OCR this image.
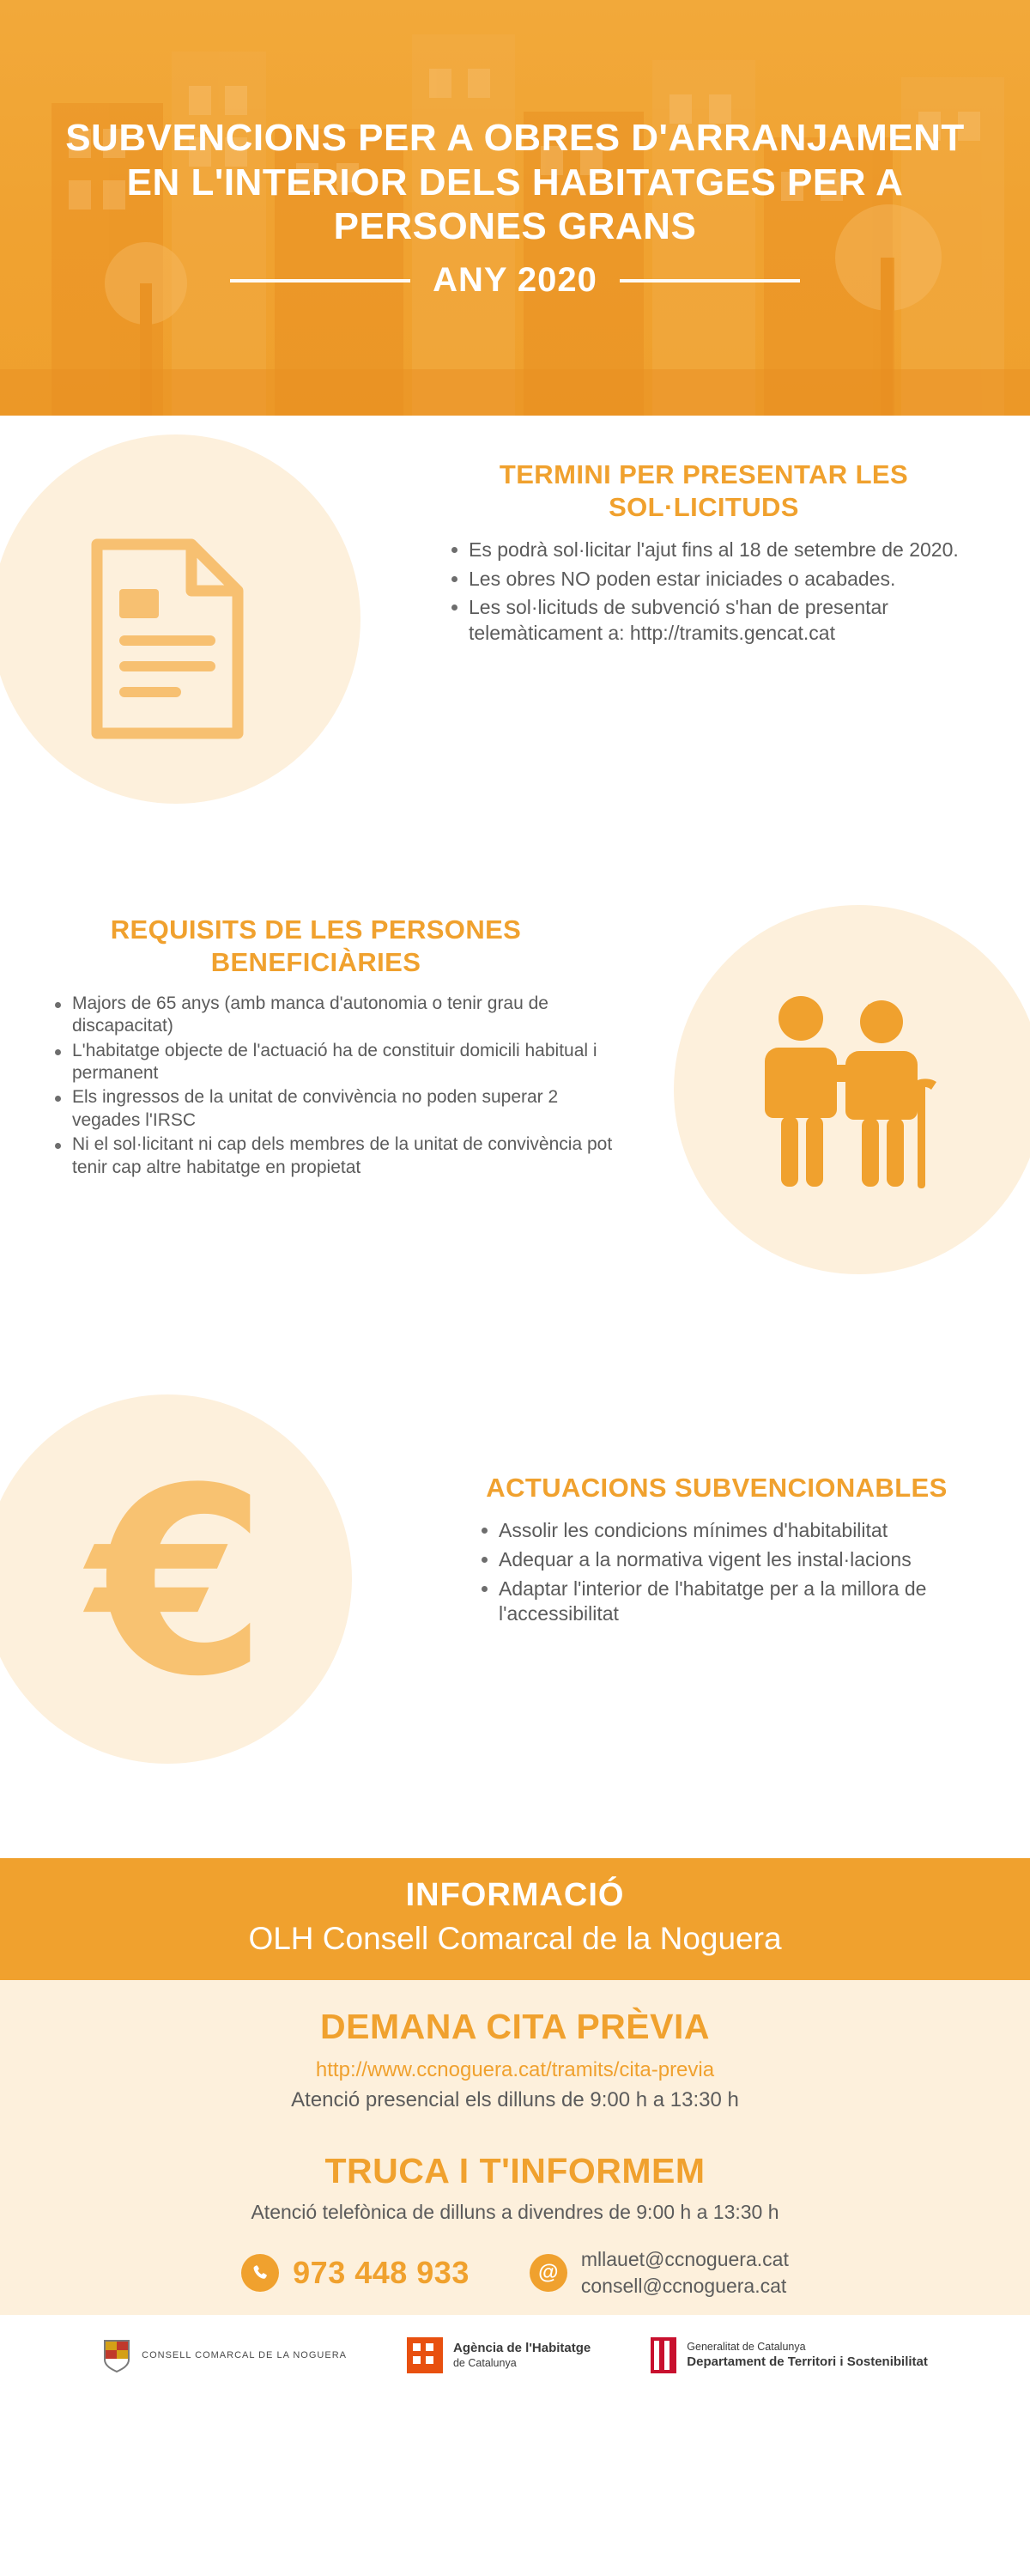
SUBVENCIONS PER A OBRES D'ARRANJAMENT EN L'INTERIOR DELS HABITATGES PER A PERSONES GRANS
ANY 2020
TERMINI PER PRESENTAR LES SOL·LICITUDS
Es podrà sol·licitar l'ajut fins al 18 de setembre de 2020.
Les obres NO poden estar iniciades o acabades.
Les sol·licituds de subvenció s'han de presentar telemàticament a: http://tramits.gencat.cat
REQUISITS DE LES PERSONES BENEFICIÀRIES
Majors de 65 anys (amb manca d'autonomia o tenir grau de discapacitat)
L'habitatge objecte de l'actuació ha de constituir domicili habitual i permanent
Els ingressos de la unitat de convivència no poden superar 2 vegades l'IRSC
Ni el sol·licitant ni cap dels membres de la unitat de convivència pot tenir cap altre habitatge en propietat
€	ACTUACIONS SUBVENCIONABLES
Assolir les condicions mínimes d'habitabilitat
Adequar a la normativa vigent les instal·lacions
Adaptar l'interior de l'habitatge per a la millora de l'accessibilitat
INFORMACIÓ
OLH Consell Comarcal de la Noguera
DEMANA CITA PRÈVIA
http://www.ccnoguera.cat/tramits/cita-previa
Atenció presencial els dilluns de 9:00 h a 13:30 h
TRUCA I T'INFORMEM
Atenció telefònica de dilluns a divendres de 9:00 h a 13:30 h
973 448 933	@
mllauet@ccnoguera.cat
consell@ccnoguera.cat
CONSELL COMARCAL DE LA NOGUERA
Agència de l'Habitatge
de Catalunya
Generalitat de Catalunya
Departament de Territori i Sostenibilitat
